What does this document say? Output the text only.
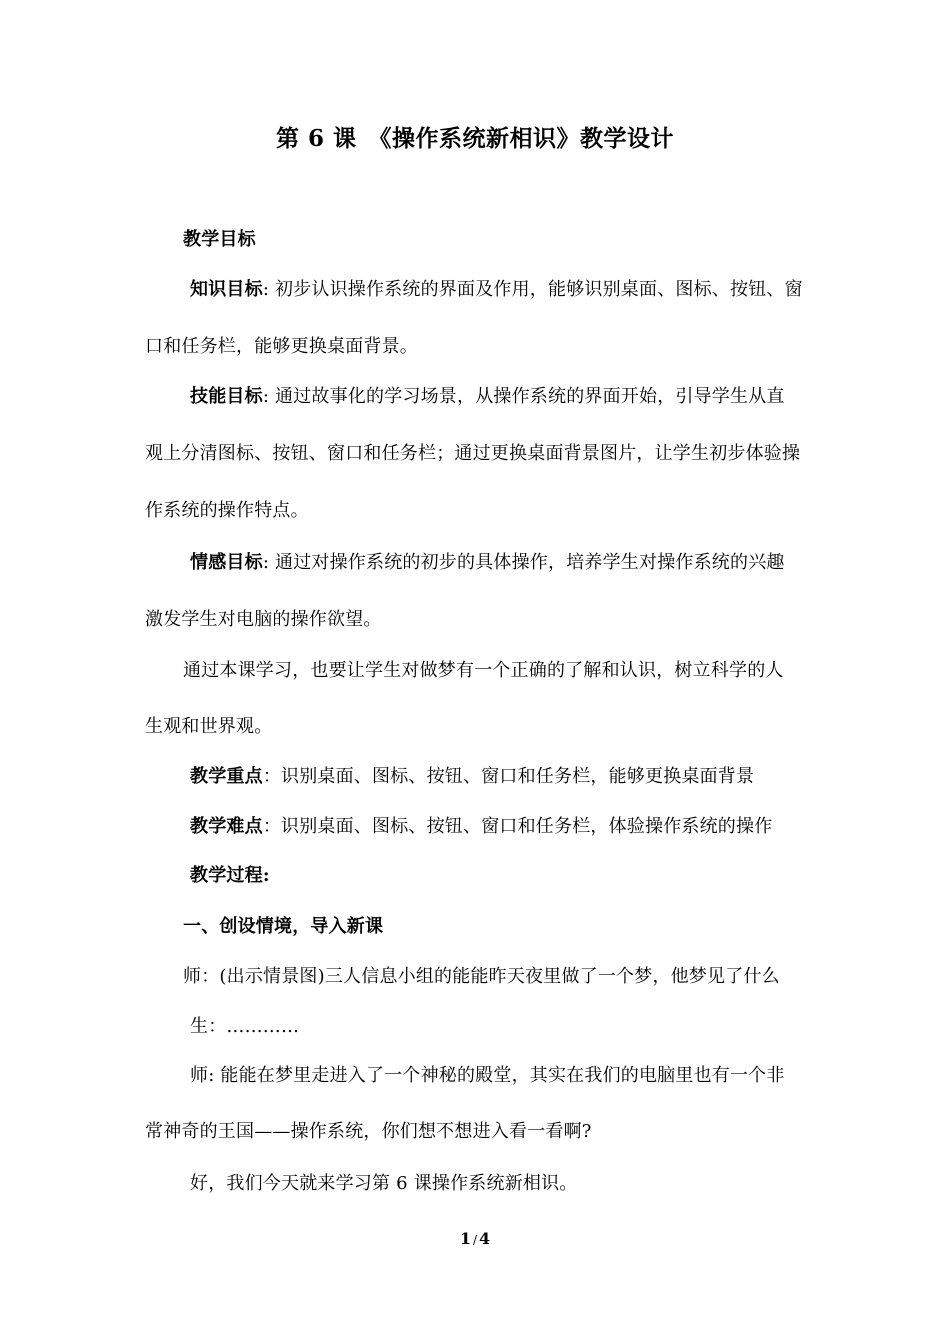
第 6 课　《操作系统新相识》教学设计
教学目标
知识目标: 初步认识操作系统的界面及作用，能够识别桌面、图标、按钮、窗
口和任务栏，能够更换桌面背景。
技能目标: 通过故事化的学习场景，从操作系统的界面开始，引导学生从直
观上分清图标、按钮、窗口和任务栏；通过更换桌面背景图片，让学生初步体验操
作系统的操作特点。
情感目标: 通过对操作系统的初步的具体操作，培养学生对操作系统的兴趣
激发学生对电脑的操作欲望。
通过本课学习，也要让学生对做梦有一个正确的了解和认识，树立科学的人
生观和世界观。
教学重点：识别桌面、图标、按钮、窗口和任务栏，能够更换桌面背景
教学难点：识别桌面、图标、按钮、窗口和任务栏，体验操作系统的操作
教学过程:
一、创设情境，导入新课
师：(出示情景图)三人信息小组的能能昨天夜里做了一个梦，他梦见了什么
生：…………
师: 能能在梦里走进入了一个神秘的殿堂，其实在我们的电脑里也有一个非
常神奇的王国——操作系统，你们想不想进入看一看啊?
好，我们今天就来学习第 6 课操作系统新相识。
1 / 4
